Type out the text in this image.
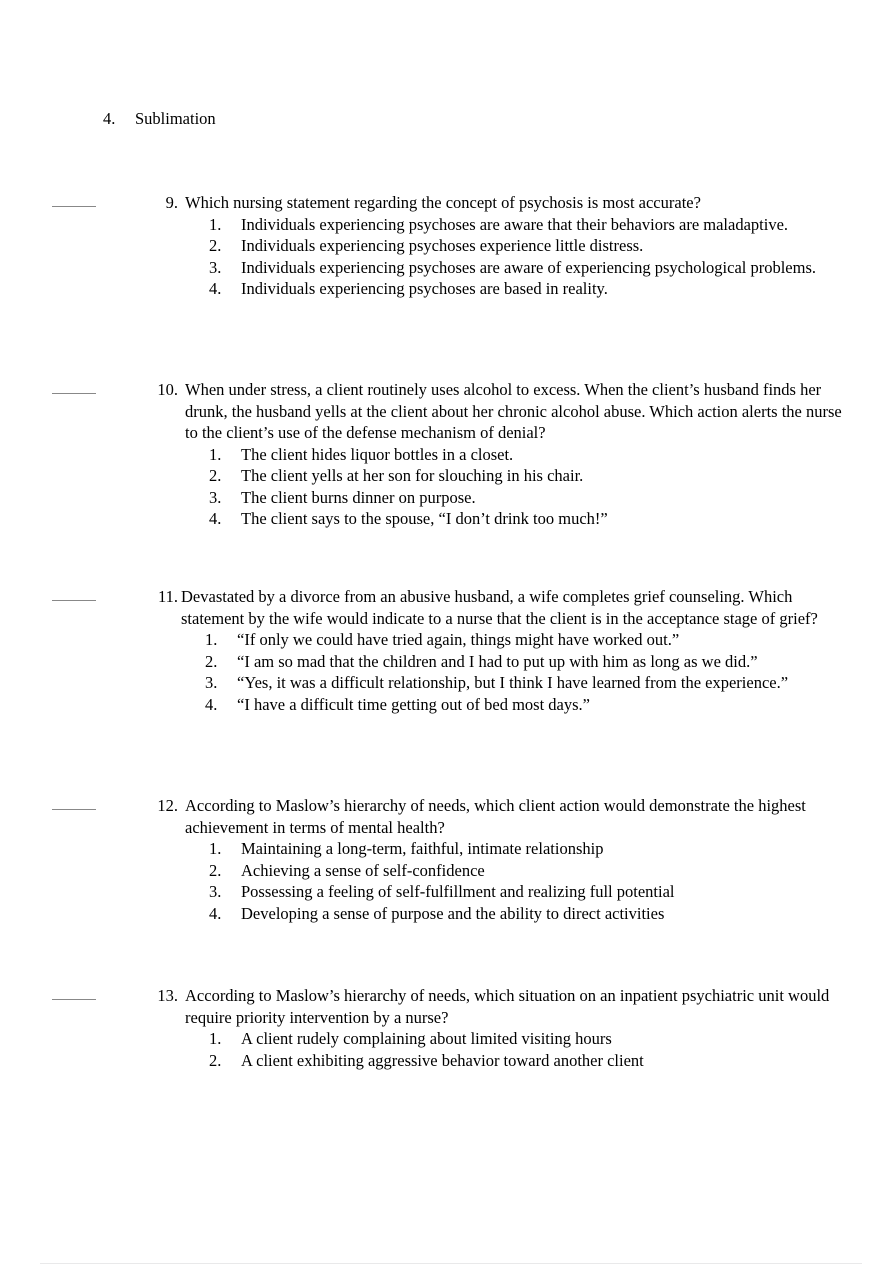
4.	Sublimation
9. Which nursing statement regarding the concept of psychosis is most accurate?
1.	Individuals experiencing psychoses are aware that their behaviors are maladaptive.
2.	Individuals experiencing psychoses experience little distress.
3.	Individuals experiencing psychoses are aware of experiencing psychological problems.
4.	Individuals experiencing psychoses are based in reality.
10. When under stress, a client routinely uses alcohol to excess. When the client’s husband finds her drunk, the husband yells at the client about her chronic alcohol abuse. Which action alerts the nurse to the client’s use of the defense mechanism of denial?
1.	The client hides liquor bottles in a closet.
2.	The client yells at her son for slouching in his chair.
3.	The client burns dinner on purpose.
4.	The client says to the spouse, “I don’t drink too much!”
11. Devastated by a divorce from an abusive husband, a wife completes grief counseling. Which statement by the wife would indicate to a nurse that the client is in the acceptance stage of grief?
1.	“If only we could have tried again, things might have worked out.”
2.	“I am so mad that the children and I had to put up with him as long as we did.”
3.	“Yes, it was a difficult relationship, but I think I have learned from the experience.”
4.	“I have a difficult time getting out of bed most days.”
12. According to Maslow’s hierarchy of needs, which client action would demonstrate the highest achievement in terms of mental health?
1.	Maintaining a long-term, faithful, intimate relationship
2.	Achieving a sense of self-confidence
3.	Possessing a feeling of self-fulfillment and realizing full potential
4.	Developing a sense of purpose and the ability to direct activities
13. According to Maslow’s hierarchy of needs, which situation on an inpatient psychiatric unit would require priority intervention by a nurse?
1.	A client rudely complaining about limited visiting hours
2.	A client exhibiting aggressive behavior toward another client
